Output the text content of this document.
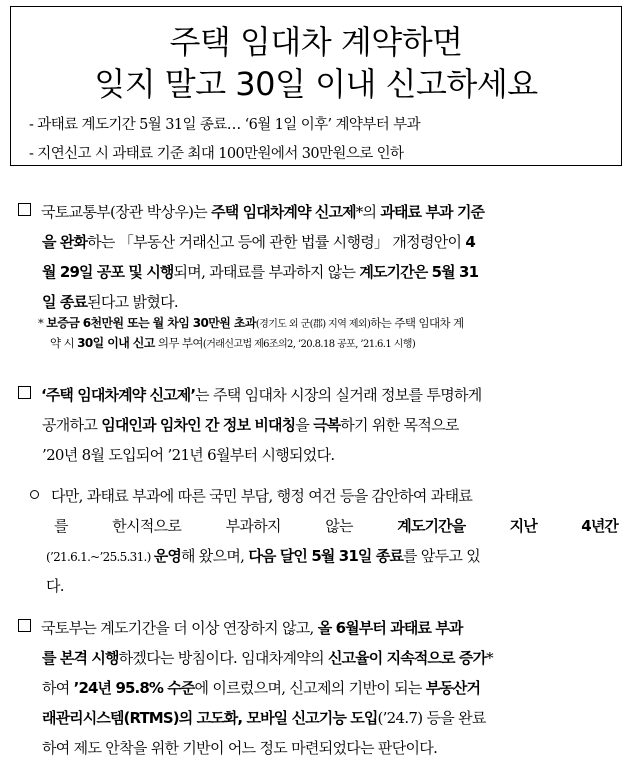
주택 임대차 계약하면
잊지 말고 30일 이내 신고하세요
- 과태료 계도기간 5월 31일 종료… ‘6월 1일 이후’ 계약부터 부과
- 지연신고 시 과태료 기준 최대 100만원에서 30만원으로 인하
국토교통부(장관 박상우)는 주택 임대차계약 신고제*의 과태료 부과 기준
을 완화하는 「부동산 거래신고 등에 관한 법률 시행령」 개정령안이 4
월 29일 공포 및 시행되며, 과태료를 부과하지 않는 계도기간은 5월 31
일 종료된다고 밝혔다.
* 보증금 6천만원 또는 월 차임 30만원 초과(경기도 외 군(郡) 지역 제외)하는 주택 임대차 계
약 시 30일 이내 신고 의무 부여(거래신고법 제6조의2, ’20.8.18 공포, ’21.6.1 시행)
‘주택 임대차계약 신고제’는 주택 임대차 시장의 실거래 정보를 투명하게
공개하고 임대인과 임차인 간 정보 비대칭을 극복하기 위한 목적으로
’20년 8월 도입되어 ’21년 6월부터 시행되었다.
다만, 과태료 부과에 따른 국민 부담, 행정 여건 등을 감안하여 과태료
를	한시적으로	부과하지	않는	계도기간을	지난	4년간
(’21.6.1.~’25.5.31.) 운영해 왔으며, 다음 달인 5월 31일 종료를 앞두고 있
다.
국토부는 계도기간을 더 이상 연장하지 않고, 올 6월부터 과태료 부과
를 본격 시행하겠다는 방침이다. 임대차계약의 신고율이 지속적으로 증가*
하여 ’24년 95.8% 수준에 이르렀으며, 신고제의 기반이 되는 부동산거
래관리시스템(RTMS)의 고도화, 모바일 신고기능 도입(’24.7) 등을 완료
하여 제도 안착을 위한 기반이 어느 정도 마련되었다는 판단이다.
